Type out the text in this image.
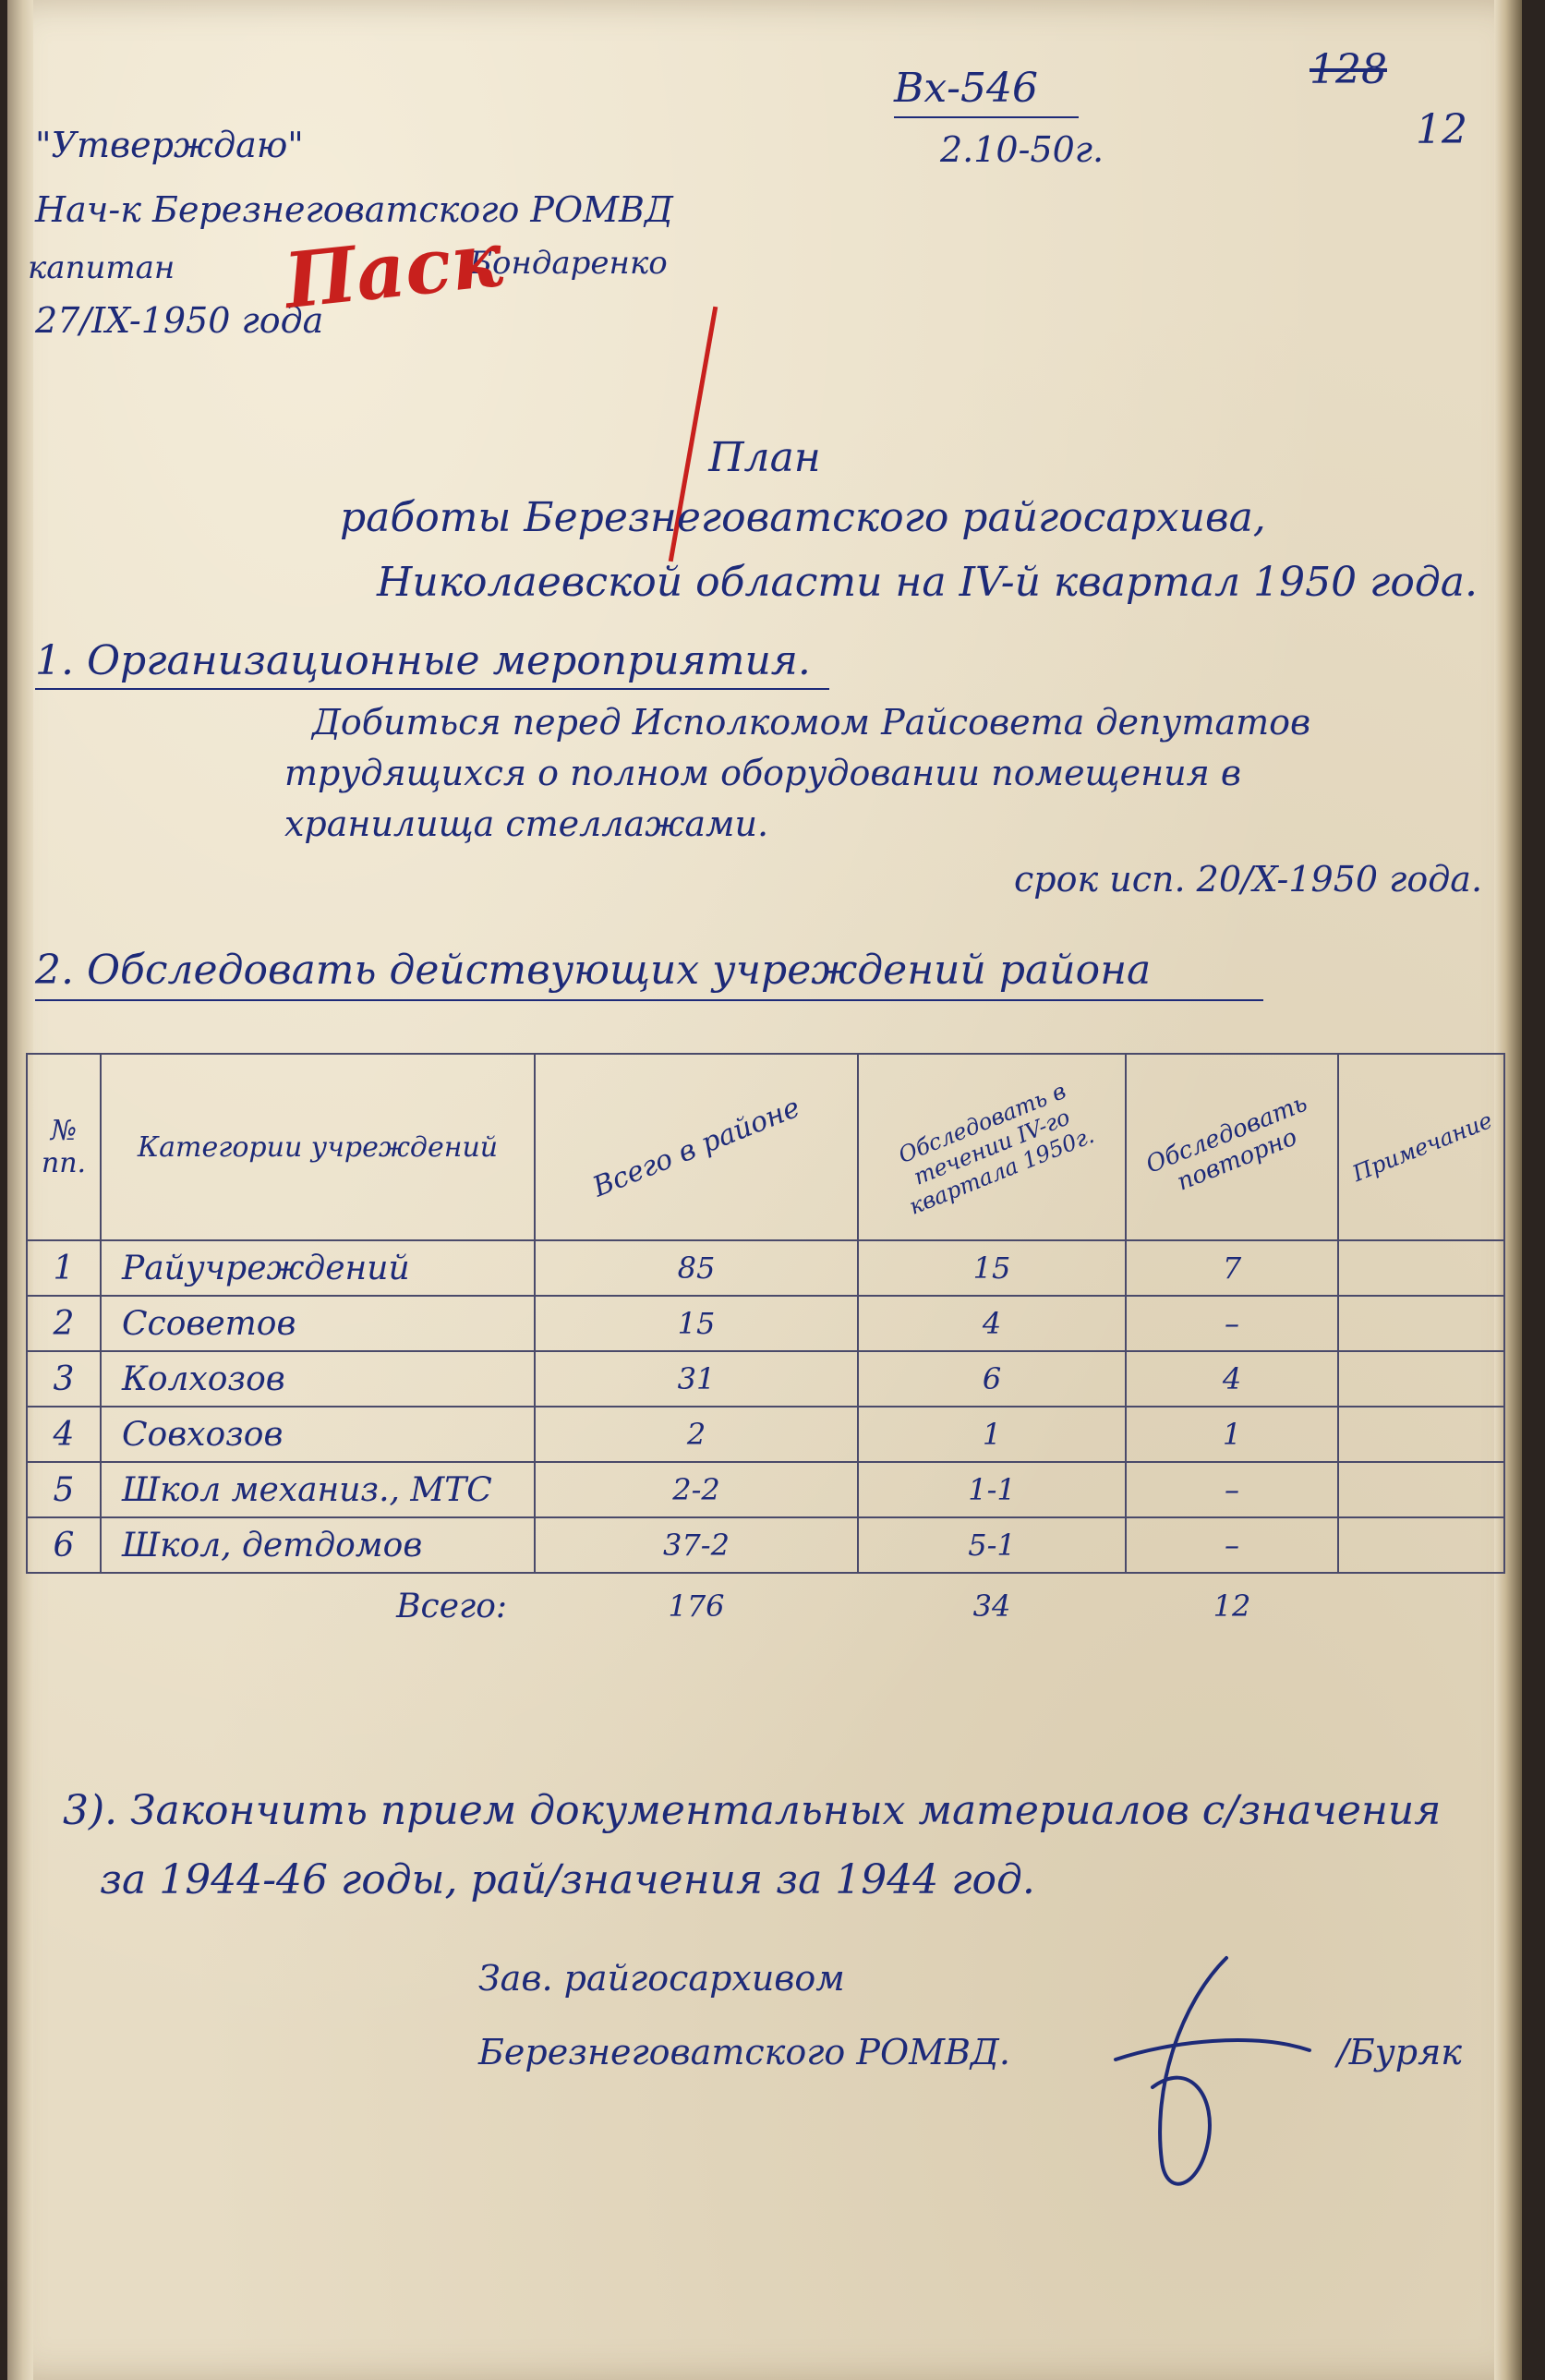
Вх-546
2.10-50г.
128
12
"Утверждаю"
Нач-к Березнеговатского РОМВД
капитан	Бондаренко
27/IX-1950 года
Паск
План
работы Березнеговатского райгосархива,
Николаевской области на IV-й квартал 1950 года.
1. Организационные мероприятия.
Добиться перед Исполкомом Райсовета депутатов
трудящихся о полном оборудовании помещения в
хранилища стеллажами.
срок исп. 20/X-1950 года.
2. Обследовать действующих учреждений района
№ пп.	Категории учреждений	Всего в районе	Обследовать в течении IV-го квартала 1950г.	Обследовать повторно	Примечание
1	Райучреждений	85	15	7	
2	Ссоветов	15	4	–	
3	Колхозов	31	6	4	
4	Совхозов	2	1	1	
5	Школ механиз., МТС	2-2	1-1	–	
6	Школ, детдомов	37-2	5-1	–	
	Всего:	176	34	12	
3). Закончить прием документальных материалов с/значения
за 1944-46 годы, рай/значения за 1944 год.
Зав. райгосархивом
Березнеговатского РОМВД.	/Буряк
